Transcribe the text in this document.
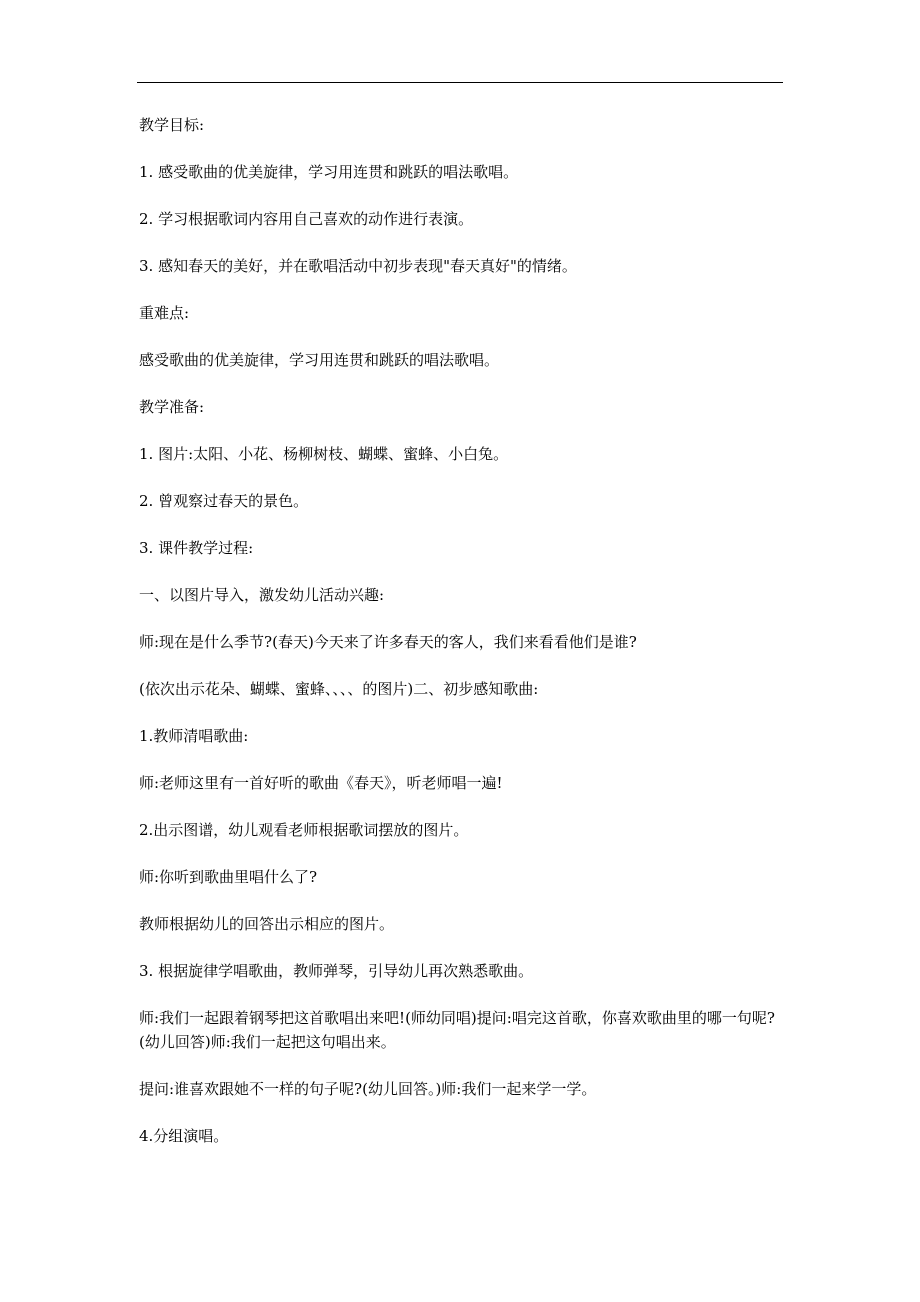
教学目标:

1. 感受歌曲的优美旋律，学习用连贯和跳跃的唱法歌唱。

2. 学习根据歌词内容用自己喜欢的动作进行表演。

3. 感知春天的美好，并在歌唱活动中初步表现"春天真好"的情绪。

重难点:

感受歌曲的优美旋律，学习用连贯和跳跃的唱法歌唱。

教学准备:

1. 图片:太阳、小花、杨柳树枝、蝴蝶、蜜蜂、小白兔。

2. 曾观察过春天的景色。

3. 课件教学过程:

一、以图片导入，激发幼儿活动兴趣:

师:现在是什么季节?(春天)今天来了许多春天的客人，我们来看看他们是谁?

(依次出示花朵、蝴蝶、蜜蜂、、、、的图片)二、初步感知歌曲:

1.教师清唱歌曲:

师:老师这里有一首好听的歌曲《春天》，听老师唱一遍!

2.出示图谱，幼儿观看老师根据歌词摆放的图片。

师:你听到歌曲里唱什么了?

教师根据幼儿的回答出示相应的图片。

3. 根据旋律学唱歌曲，教师弹琴，引导幼儿再次熟悉歌曲。

师:我们一起跟着钢琴把这首歌唱出来吧!(师幼同唱)提问:唱完这首歌，你喜欢歌曲里的哪一句呢?(幼儿回答)师:我们一起把这句唱出来。

提问:谁喜欢跟她不一样的句子呢?(幼儿回答。)师:我们一起来学一学。

4.分组演唱。
